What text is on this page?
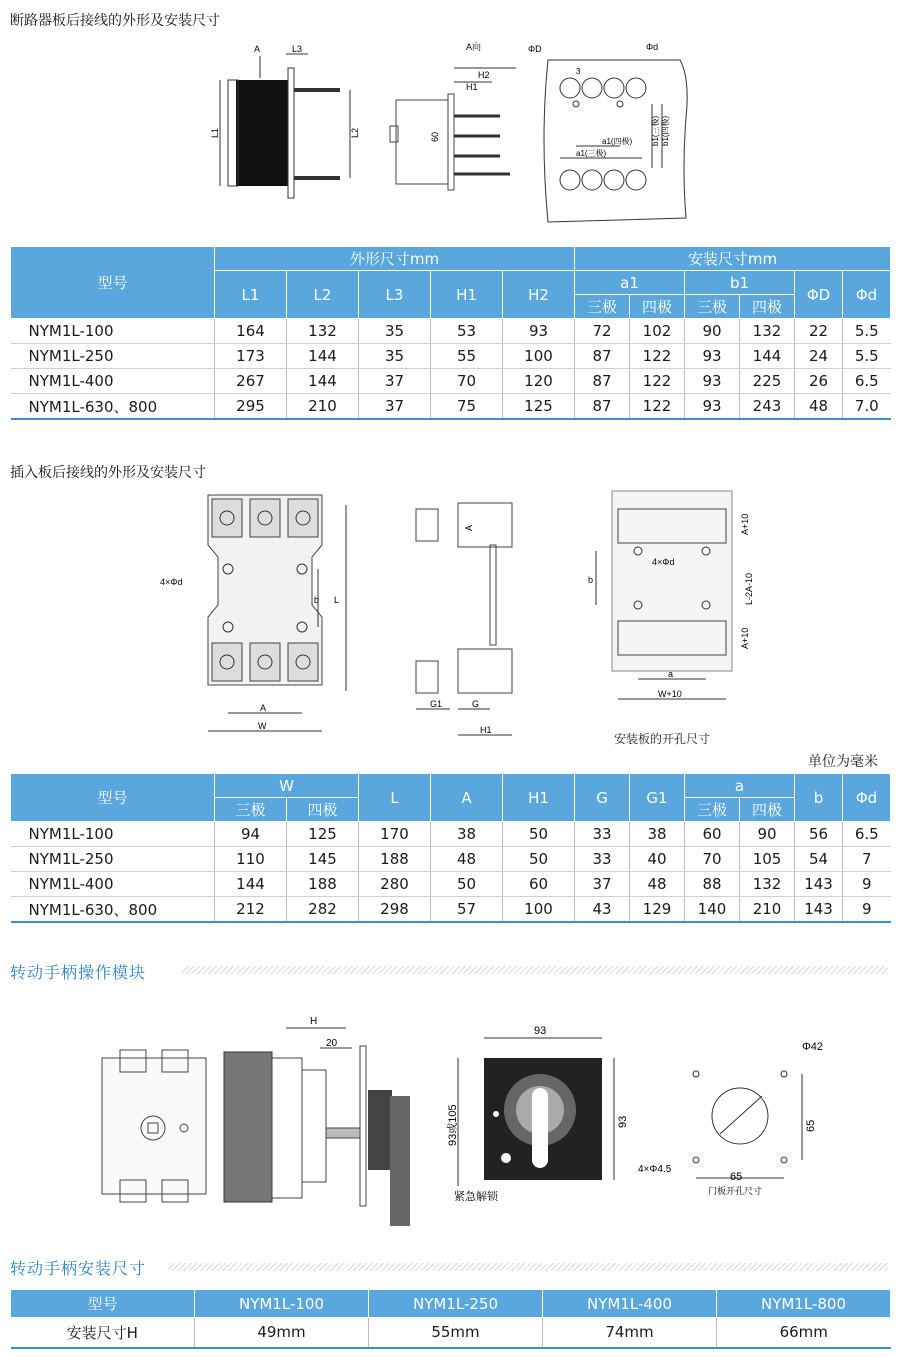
断路器板后接线的外形及安装尺寸
A	L3
L1	L2
A向
H2
H1
60
ΦD	Φd
3
a1(四极)
a1(三极)
b1(三极) b1(四极)
型号	外形尺寸mm					安装尺寸mm					
	L1	L2	L3	H1	H2	a1		b1		ΦD	Φd
						三极	四极	三极	四极		
NYM1L-100	164	132	35	53	93	72	102	90	132	22	5.5
NYM1L-250	173	144	35	55	100	87	122	93	144	24	5.5
NYM1L-400	267	144	37	70	120	87	122	93	225	26	6.5
NYM1L-630、800	295	210	37	75	125	87	122	93	243	48	7.0
插入板后接线的外形及安装尺寸
4×Φd
b L
A
W
A
G1	G
H1
A+10
L-2A-10
A+10
4×Φd
b
a
W+10
安装板的开孔尺寸
单位为毫米
型号	W		L	A	H1	G	G1	a		b	Φd
	三极	四极						三极	四极		
NYM1L-100	94	125	170	38	50	33	38	60	90	56	6.5
NYM1L-250	110	145	188	48	50	33	40	70	105	54	7
NYM1L-400	144	188	280	50	60	37	48	88	132	143	9
NYM1L-630、800	212	282	298	57	100	43	129	140	210	143	9
转动手柄操作模块
H
20
93
93
93或105
紧急解锁
Φ42
65
65
4×Φ4.5
门板开孔尺寸
转动手柄安装尺寸
型号	NYM1L-100	NYM1L-250	NYM1L-400	NYM1L-800
安装尺寸H	49mm	55mm	74mm	66mm
